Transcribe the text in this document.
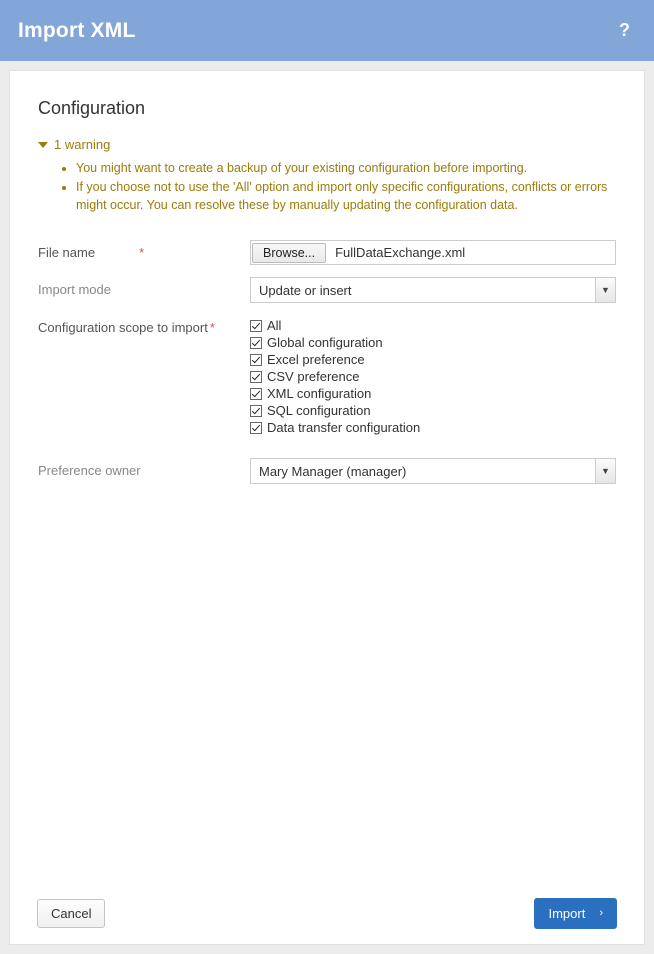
Import XML	?
Configuration
1 warning
• You might want to create a backup of your existing configuration before importing.
• If you choose not to use the 'All' option and import only specific configurations, conflicts or errors might occur. You can resolve these by manually updating the configuration data.
File name	*	Browse...	FullDataExchange.xml
Import mode	Update or insert	▼
Configuration scope to import *	All
Global configuration
Excel preference
CSV preference
XML configuration
SQL configuration
Data transfer configuration
Preference owner	Mary Manager (manager)	▼
Cancel	Import ›
